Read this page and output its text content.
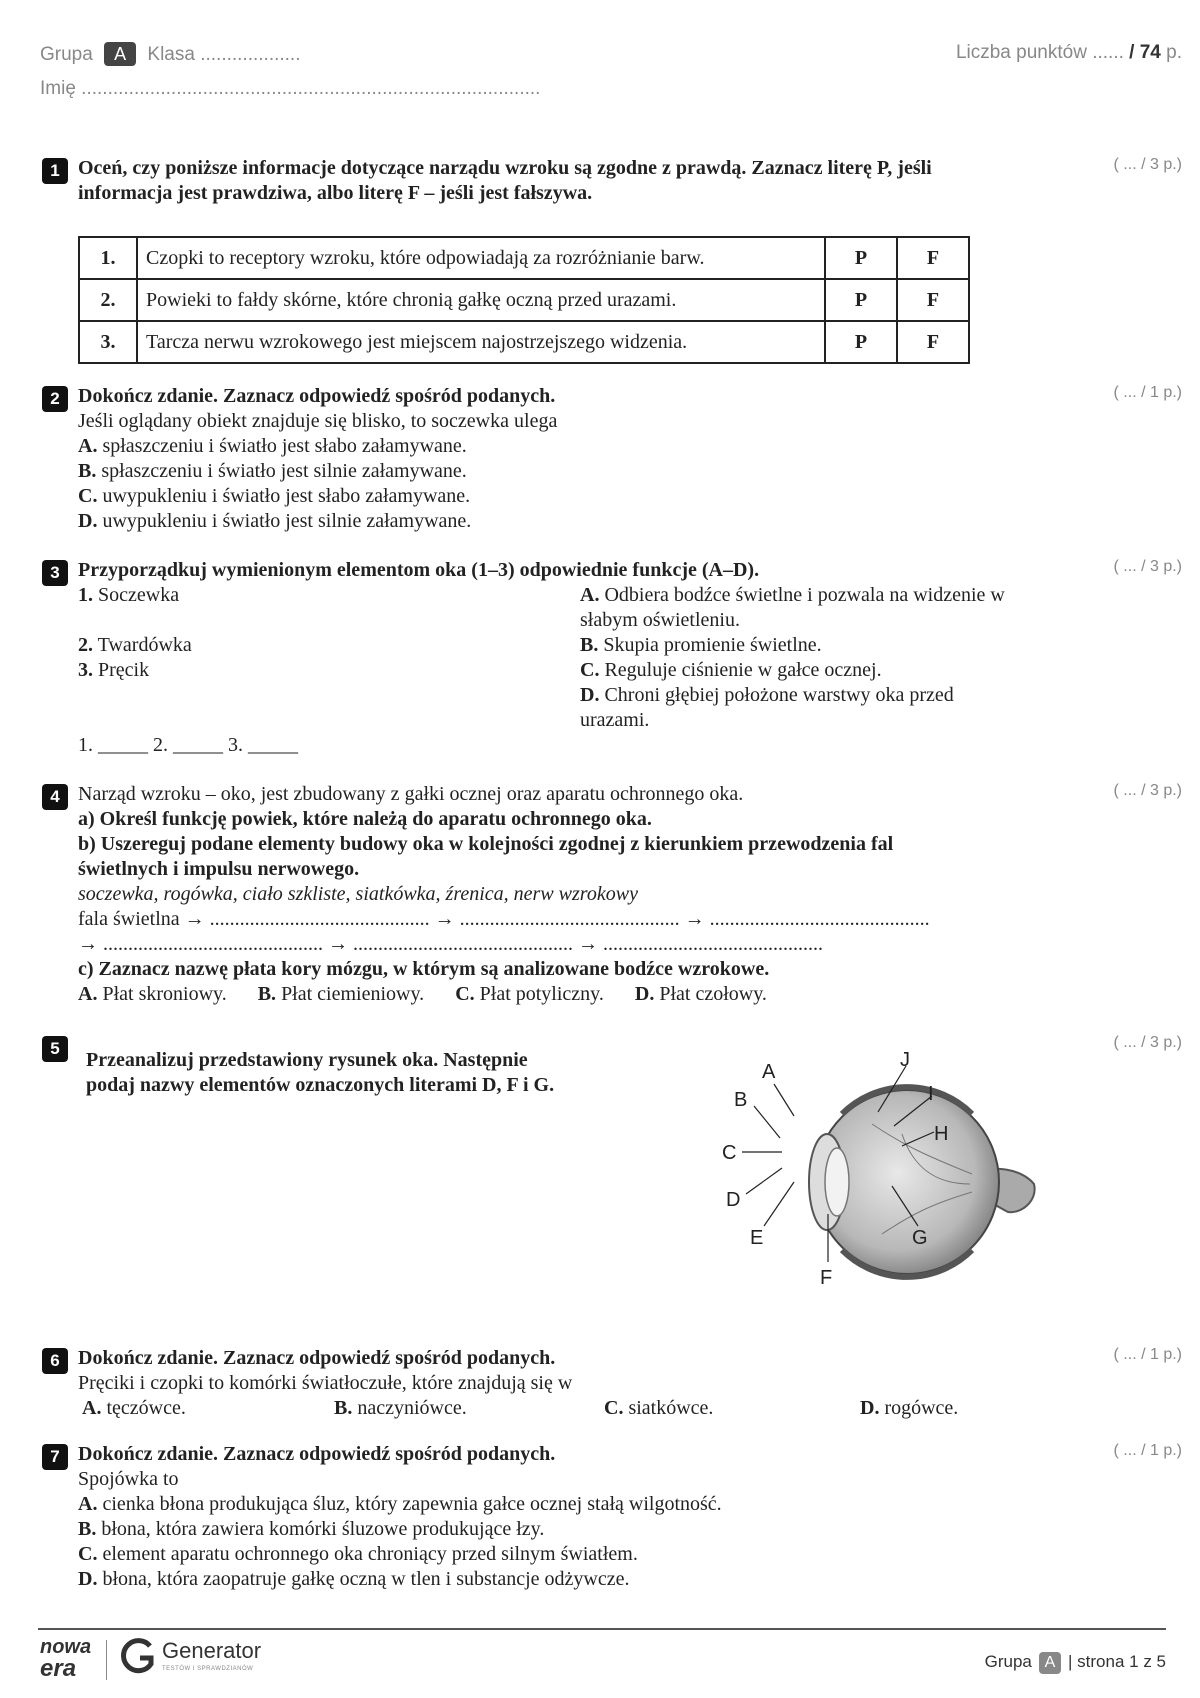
Grupa A Klasa ...................
Imię .......................................................................................
Liczba punktów ...... / 74 p.
1	( ... / 3 p.)
Oceń, czy poniższe informacje dotyczące narządu wzroku są zgodne z prawdą. Zaznacz literę P, jeśli
informacja jest prawdziwa, albo literę F – jeśli jest fałszywa.
1.	Czopki to receptory wzroku, które odpowiadają za rozróżnianie barw.	P	F
2.	Powieki to fałdy skórne, które chronią gałkę oczną przed urazami.	P	F
3.	Tarcza nerwu wzrokowego jest miejscem najostrzejszego widzenia.	P	F
2	( ... / 1 p.)
Dokończ zdanie. Zaznacz odpowiedź spośród podanych.
Jeśli oglądany obiekt znajduje się blisko, to soczewka ulega
A. spłaszczeniu i światło jest słabo załamywane.
B. spłaszczeniu i światło jest silnie załamywane.
C. uwypukleniu i światło jest słabo załamywane.
D. uwypukleniu i światło jest silnie załamywane.
3	( ... / 3 p.)
Przyporządkuj wymienionym elementom oka (1–3) odpowiednie funkcje (A–D).
1. Soczewka
2. Twardówka
3. Pręcik
A. Odbiera bodźce świetlne i pozwala na widzenie w
słabym oświetleniu.
B. Skupia promienie świetlne.
C. Reguluje ciśnienie w gałce ocznej.
D. Chroni głębiej położone warstwy oka przed
urazami.
1. _____ 2. _____ 3. _____
4	( ... / 3 p.)
Narząd wzroku – oko, jest zbudowany z gałki ocznej oraz aparatu ochronnego oka.
a) Określ funkcję powiek, które należą do aparatu ochronnego oka.
b) Uszereguj podane elementy budowy oka w kolejności zgodnej z kierunkiem przewodzenia fal
świetlnych i impulsu nerwowego.
soczewka, rogówka, ciało szkliste, siatkówka, źrenica, nerw wzrokowy
fala świetlna → ............................................ → ............................................ → ............................................
→ ............................................ → ............................................ → ............................................
c) Zaznacz nazwę płata kory mózgu, w którym są analizowane bodźce wzrokowe.
A. Płat skroniowy. B. Płat ciemieniowy. C. Płat potyliczny. D. Płat czołowy.
5	( ... / 3 p.)
Przeanalizuj przedstawiony rysunek oka. Następnie
podaj nazwy elementów oznaczonych literami D, F i G.
A
B
C
D
E
F
G
H
I
J
6	( ... / 1 p.)
Dokończ zdanie. Zaznacz odpowiedź spośród podanych.
Pręciki i czopki to komórki światłoczułe, które znajdują się w
A. tęczówce.	B. naczyniówce.	C. siatkówce.	D. rogówce.
7	( ... / 1 p.)
Dokończ zdanie. Zaznacz odpowiedź spośród podanych.
Spojówka to
A. cienka błona produkująca śluz, który zapewnia gałce ocznej stałą wilgotność.
B. błona, która zawiera komórki śluzowe produkujące łzy.
C. element aparatu ochronnego oka chroniący przed silnym światłem.
D. błona, która zaopatruje gałkę oczną w tlen i substancje odżywcze.
nowa
era
Generator
TESTÓW I SPRAWDZIANÓW	Grupa A | strona 1 z 5
